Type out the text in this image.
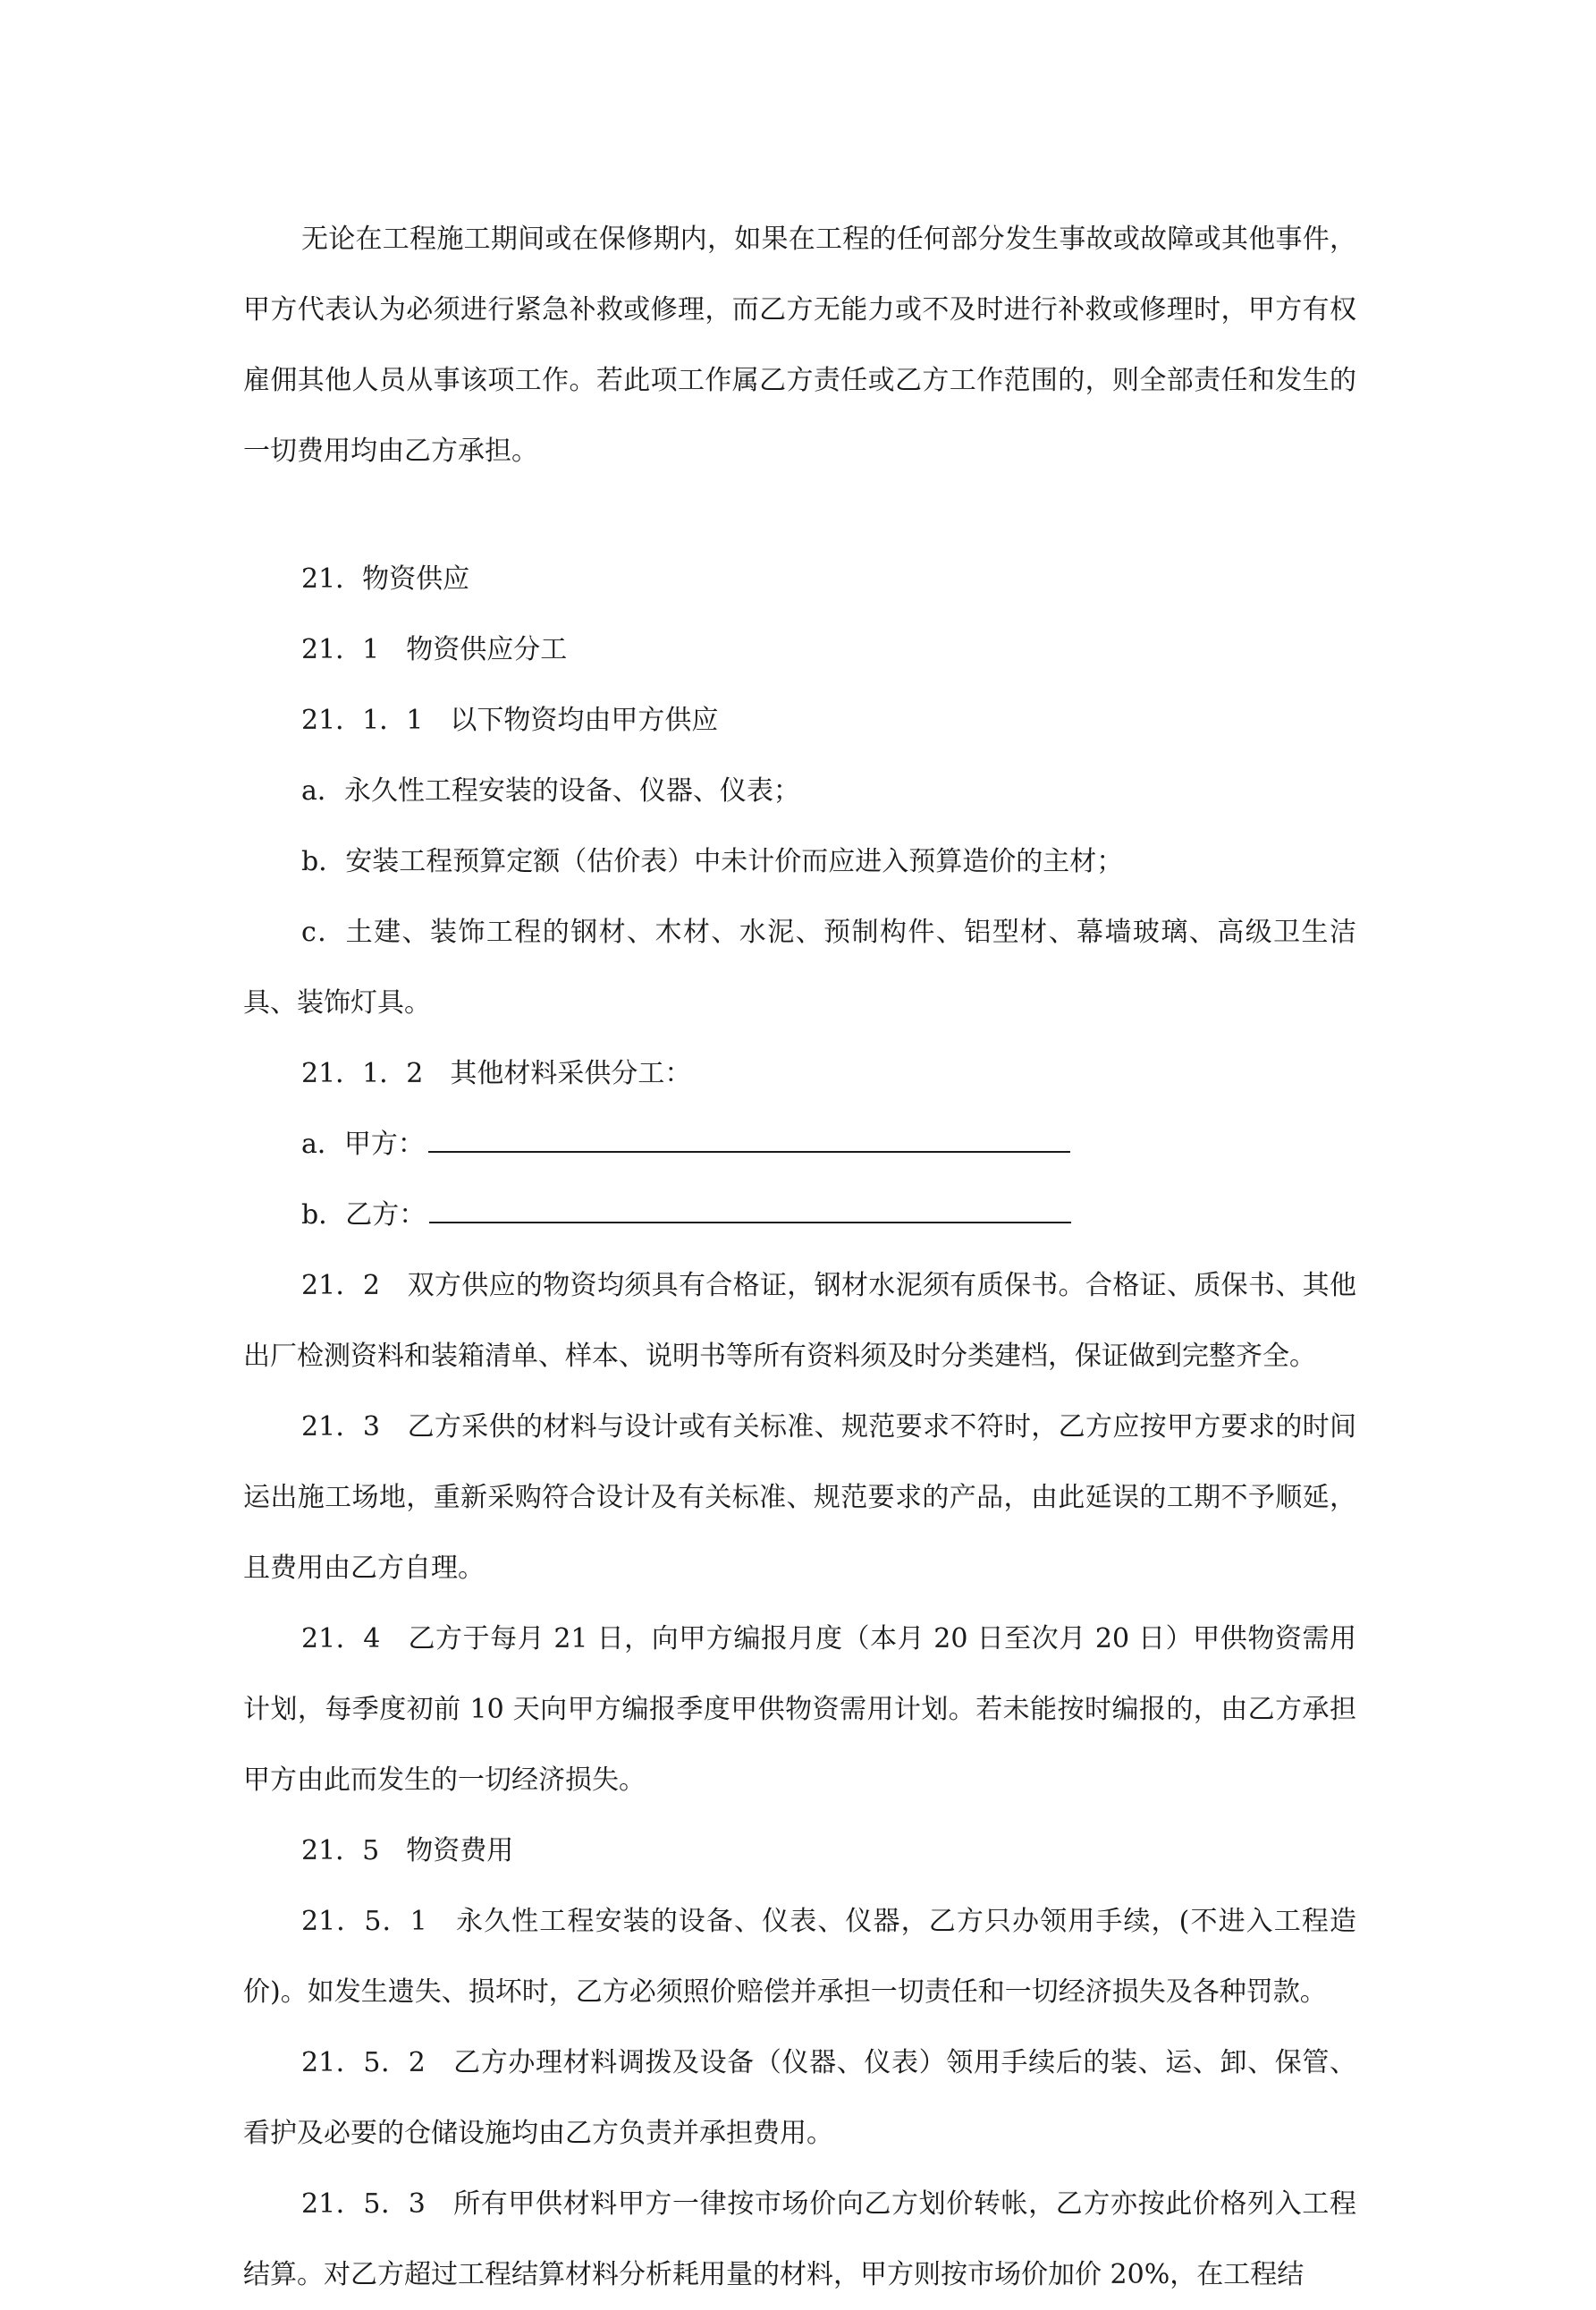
无论在工程施工期间或在保修期内，如果在工程的任何部分发生事故或故障或其他事件，甲方代表认为必须进行紧急补救或修理，而乙方无能力或不及时进行补救或修理时，甲方有权雇佣其他人员从事该项工作。若此项工作属乙方责任或乙方工作范围的，则全部责任和发生的一切费用均由乙方承担。

21．物资供应

21．1　物资供应分工

21．1．1　以下物资均由甲方供应

a．永久性工程安装的设备、仪器、仪表；

b．安装工程预算定额（估价表）中未计价而应进入预算造价的主材；

c．土建、装饰工程的钢材、木材、水泥、预制构件、铝型材、幕墙玻璃、高级卫生洁具、装饰灯具。

21．1．2　其他材料采供分工：

a．甲方：

b．乙方：

21．2　双方供应的物资均须具有合格证，钢材水泥须有质保书。合格证、质保书、其他出厂检测资料和装箱清单、样本、说明书等所有资料须及时分类建档，保证做到完整齐全。

21．3　乙方采供的材料与设计或有关标准、规范要求不符时，乙方应按甲方要求的时间运出施工场地，重新采购符合设计及有关标准、规范要求的产品，由此延误的工期不予顺延，且费用由乙方自理。

21．4　乙方于每月 21 日，向甲方编报月度（本月 20 日至次月 20 日）甲供物资需用计划，每季度初前 10 天向甲方编报季度甲供物资需用计划。若未能按时编报的，由乙方承担甲方由此而发生的一切经济损失。

21．5　物资费用

21．5．1　永久性工程安装的设备、仪表、仪器，乙方只办领用手续，(不进入工程造价)。如发生遗失、损坏时，乙方必须照价赔偿并承担一切责任和一切经济损失及各种罚款。

21．5．2　乙方办理材料调拨及设备（仪器、仪表）领用手续后的装、运、卸、保管、看护及必要的仓储设施均由乙方负责并承担费用。

21．5．3　所有甲供材料甲方一律按市场价向乙方划价转帐，乙方亦按此价格列入工程结算。对乙方超过工程结算材料分析耗用量的材料，甲方则按市场价加价 20%，在工程结
